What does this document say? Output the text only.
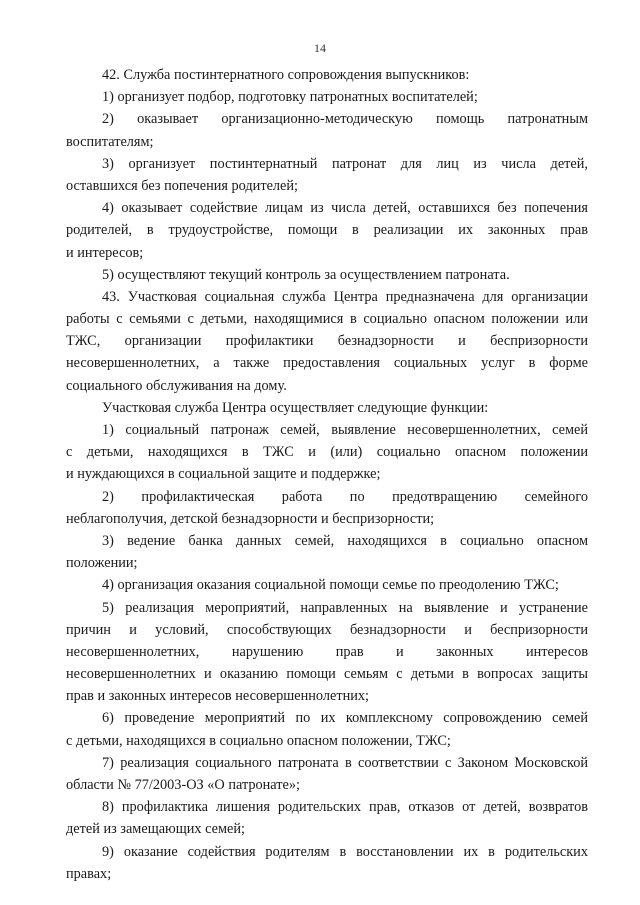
14
42. Служба постинтернатного сопровождения выпускников:
1) организует подбор, подготовку патронатных воспитателей;
2) оказывает организационно-методическую помощь патронатным
воспитателям;
3) организует постинтернатный патронат для лиц из числа детей,
оставшихся без попечения родителей;
4) оказывает содействие лицам из числа детей, оставшихся без попечения
родителей, в трудоустройстве, помощи в реализации их законных прав
и интересов;
5) осуществляют текущий контроль за осуществлением патроната.
43. Участковая социальная служба Центра предназначена для организации
работы с семьями с детьми, находящимися в социально опасном положении или
ТЖС, организации профилактики безнадзорности и беспризорности
несовершеннолетних, а также предоставления социальных услуг в форме
социального обслуживания на дому.
Участковая служба Центра осуществляет следующие функции:
1) социальный патронаж семей, выявление несовершеннолетних, семей
с детьми, находящихся в ТЖС и (или) социально опасном положении
и нуждающихся в социальной защите и поддержке;
2) профилактическая работа по предотвращению семейного
неблагополучия, детской безнадзорности и беспризорности;
3) ведение банка данных семей, находящихся в социально опасном
положении;
4) организация оказания социальной помощи семье по преодолению ТЖС;
5) реализация мероприятий, направленных на выявление и устранение
причин и условий, способствующих безнадзорности и беспризорности
несовершеннолетних, нарушению прав и законных интересов
несовершеннолетних и оказанию помощи семьям с детьми в вопросах защиты
прав и законных интересов несовершеннолетних;
6) проведение мероприятий по их комплексному сопровождению семей
с детьми, находящихся в социально опасном положении, ТЖС;
7) реализация социального патроната в соответствии с Законом Московской
области № 77/2003-ОЗ «О патронате»;
8) профилактика лишения родительских прав, отказов от детей, возвратов
детей из замещающих семей;
9) оказание содействия родителям в восстановлении их в родительских
правах;
